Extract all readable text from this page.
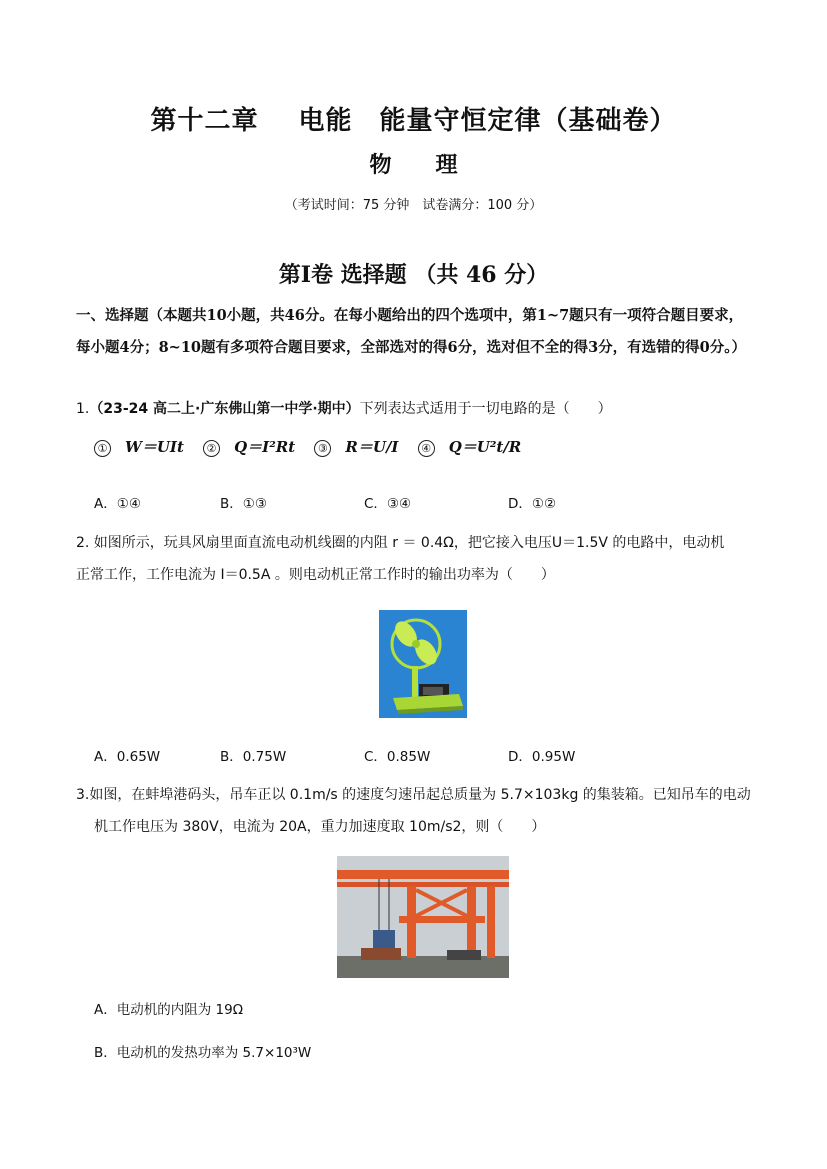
第十二章 电能　能量守恒定律（基础卷）
物 理
（考试时间：75 分钟　试卷满分：100 分）
第Ⅰ卷 选择题 （共 46 分）
一、选择题（本题共10小题，共46分。在每小题给出的四个选项中，第1~7题只有一项符合题目要求，每小题4分；8~10题有多项符合题目要求，全部选对的得6分，选对但不全的得3分，有选错的得0分。）
1.（23-24 高二上·广东佛山第一中学·期中）下列表达式适用于一切电路的是（　　）
① W＝UIt ② Q＝I²Rt ③ R＝U/I ④ Q＝U²t/R
A．①④	B．①③	C．③④	D．①②
2. 如图所示，玩具风扇里面直流电动机线圈的内阻 r ＝ 0.4Ω，把它接入电压U＝1.5V 的电路中，电动机
正常工作，工作电流为 I＝0.5A 。则电动机正常工作时的输出功率为（　　）
A．0.65W	B．0.75W	C．0.85W	D．0.95W
3.如图，在蚌埠港码头，吊车正以 0.1m/s 的速度匀速吊起总质量为 5.7×103kg 的集装箱。已知吊车的电动
机工作电压为 380V，电流为 20A，重力加速度取 10m/s2，则（　　）
A．电动机的内阻为 19Ω
B．电动机的发热功率为 5.7×10³W
